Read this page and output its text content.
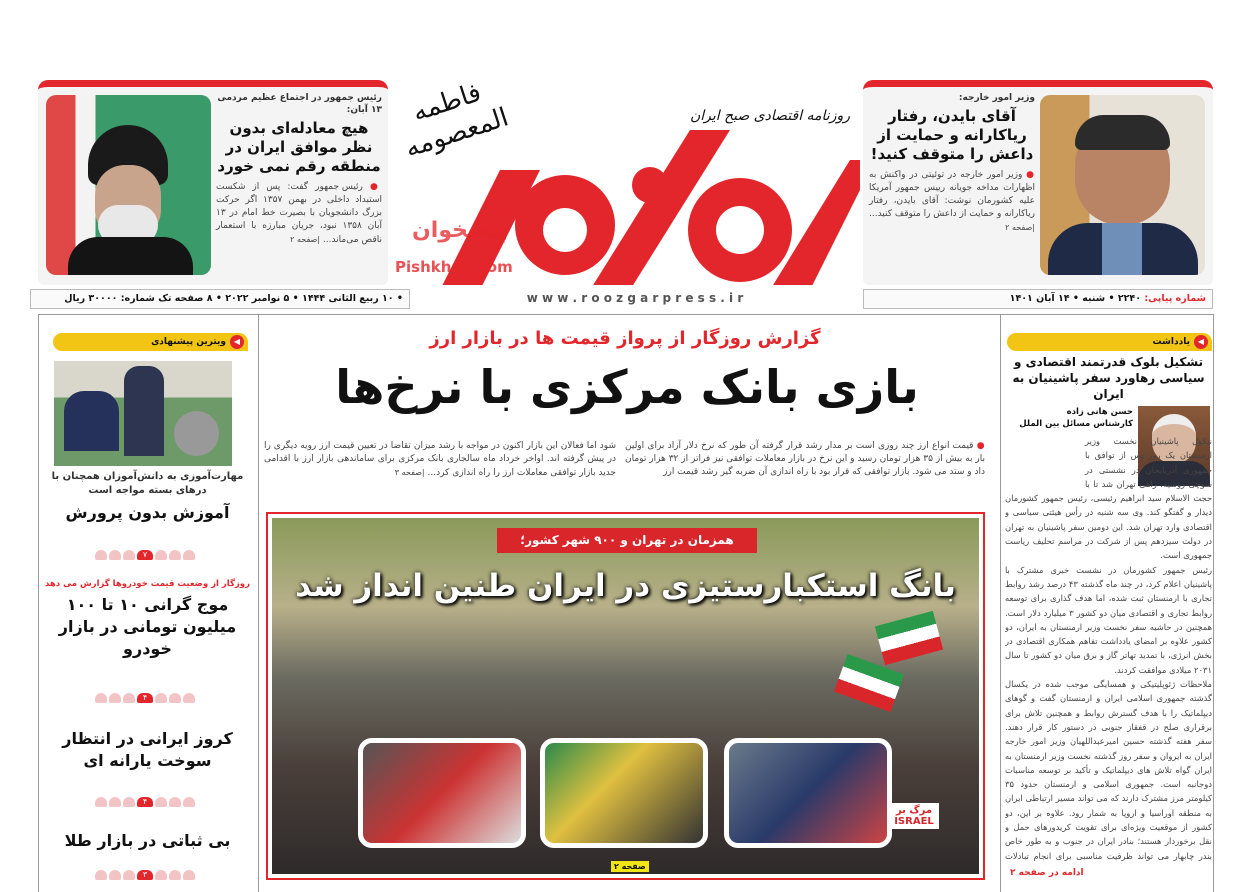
رئیس جمهور در اجتماع عظیم مردمی ۱۳ آبان:
هیچ معادله‌ای بدون نظر موافق ایران در منطقه رقم نمی خورد
● رئیس جمهور گفت: پس از شکست استبداد داخلی در بهمن ۱۳۵۷ اگر حرکت بزرگ دانشجویان با بصیرت خط امام در ۱۳ آبان ۱۳۵۸ نبود، جریان مبارزه با استعمار ناقص می‌ماند... |صفحه ۲
وزیر امور خارجه:
آقای بایدن، رفتار ریاکارانه و حمایت از داعش را متوقف کنید!
● وزیر امور خارجه در توئیتی در واکنش به اظهارات مداخه جویانه رییس جمهور آمریکا علیه کشورمان نوشت: آقای بایدن، رفتار ریاکارانه و حمایت از داعش را متوقف کنید... |صفحه ۲
فاطمه المعصومه	روزنامه اقتصادی صبح ایران
پیشخوان
Pishkhan.com
• ۱۰ ربیع الثانی ۱۴۴۴ • ۵ نوامبر ۲۰۲۲ • ۸ صفحه تک شماره: ۳۰۰۰۰ ریال	w w w . r o o z g a r p r e s s . i r	شماره پیاپی: ۲۲۴۰ • شنبه • ۱۴ آبان ۱۴۰۱
◀
ویترین پیشنهادی
مهارت‌آموزی به دانش‌آموزان همچنان با درهای بسته مواجه است
آموزش بدون پرورش
۷
روزگار از وضعیت قیمت خودروها گزارش می دهد
موج گرانی ۱۰ تا ۱۰۰ میلیون تومانی در بازار خودرو
۴
کروز ایرانی در انتظار سوخت یارانه ای
۴
بی ثباتی در بازار طلا
۳
گزارش روزگار از پرواز قیمت ها در بازار ارز
بازی بانک مرکزی با نرخ‌ها
● قیمت انواع ارز چند روزی است بر مدار رشد قرار گرفته آن طور که نرخ دلار آزاد برای اولین بار به بیش از ۳۵ هزار تومان رسید و این نرخ در بازار معاملات توافقی نیز فراتر از ۳۲ هزار تومان داد و ستد می شود. بازار توافقی که قرار بود با راه اندازی آن ضربه گیر رشد قیمت ارز
شود اما فعالان این بازار اکنون در مواجه با رشد میزان تقاضا در تعیین قیمت ارز رویه دیگری را در پیش گرفته اند. اواخر خرداد ماه سالجاری بانک مرکزی برای ساماندهی بازار ارز با اقدامی جدید بازار توافقی معاملات ارز را راه اندازی کرد... |صفحه ۳
همزمان در تهران و ۹۰۰ شهر کشور؛
بانگ استکبارستیزی در ایران طنین انداز شد
مرگ بر ISRAEL
صفحه ۲
◀
یادداشت
تشکیل بلوک قدرتمند اقتصادی و سیاسی رهاورد سفر پاشینیان به ایران
حسن هانی زاده
کارشناس مسائل بین الملل

نیکول پاشینیان نخست وزیر ارمنستان یک روز پس از توافق با جمهوری آذربایجان در نشستی در سوچی روسیه، راهی تهران شد تا با حجت الاسلام سید ابراهیم رئیسی، رئیس جمهور کشورمان دیدار و گفتگو کند. وی سه شنبه در رأس هیئتی سیاسی و اقتصادی وارد تهران شد. این دومین سفر پاشینیان به تهران در دولت سیزدهم پس از شرکت در مراسم تحلیف ریاست جمهوری است.

رئیس جمهور کشورمان در نشست خبری مشترک با پاشینیان اعلام کرد، در چند ماه گذشته ۴۳ درصد رشد روابط تجاری با ارمنستان ثبت شده، اما هدف گذاری برای توسعه روابط تجاری و اقتصادی میان دو کشور ۳ میلیارد دلار است. همچنین در حاشیه سفر نخست وزیر ارمنستان به ایران، دو کشور علاوه بر امضای یادداشت تفاهم همکاری اقتصادی در بخش انرژی، با تمدید تهاتر گاز و برق میان دو کشور تا سال ۲۰۳۱ میلادی موافقت کردند.

ملاحظات ژئوپلیتیکی و همسایگی موجب شده در یکسال گذشته جمهوری اسلامی ایران و ارمنستان گفت و گوهای دیپلماتیک را با هدف گسترش روابط و همچنین تلاش برای برقراری صلح در قفقاز جنوبی در دستور کار قرار دهند. سفر هفته گذشته حسین امیرعبداللهیان وزیر امور خارجه ایران به ایروان و سفر روز گذشته نخست وزیر ارمنستان به ایران گواه تلاش های دیپلماتیک و تأکید بر توسعه مناسبات دوجانبه است. جمهوری اسلامی و ارمنستان حدود ۳۵ کیلومتر مرز مشترک دارند که می تواند مسیر ارتباطی ایران به منطقه اوراسیا و اروپا به شمار رود. علاوه بر این، دو کشور از موقعیت ویژه‌ای برای تقویت کریدورهای حمل و نقل برخوردار هستند؛ بنادر ایران در جنوب و به طور خاص بندر چابهار می تواند ظرفیت مناسبی برای انجام تبادلات

ادامه در صفحه ۲
